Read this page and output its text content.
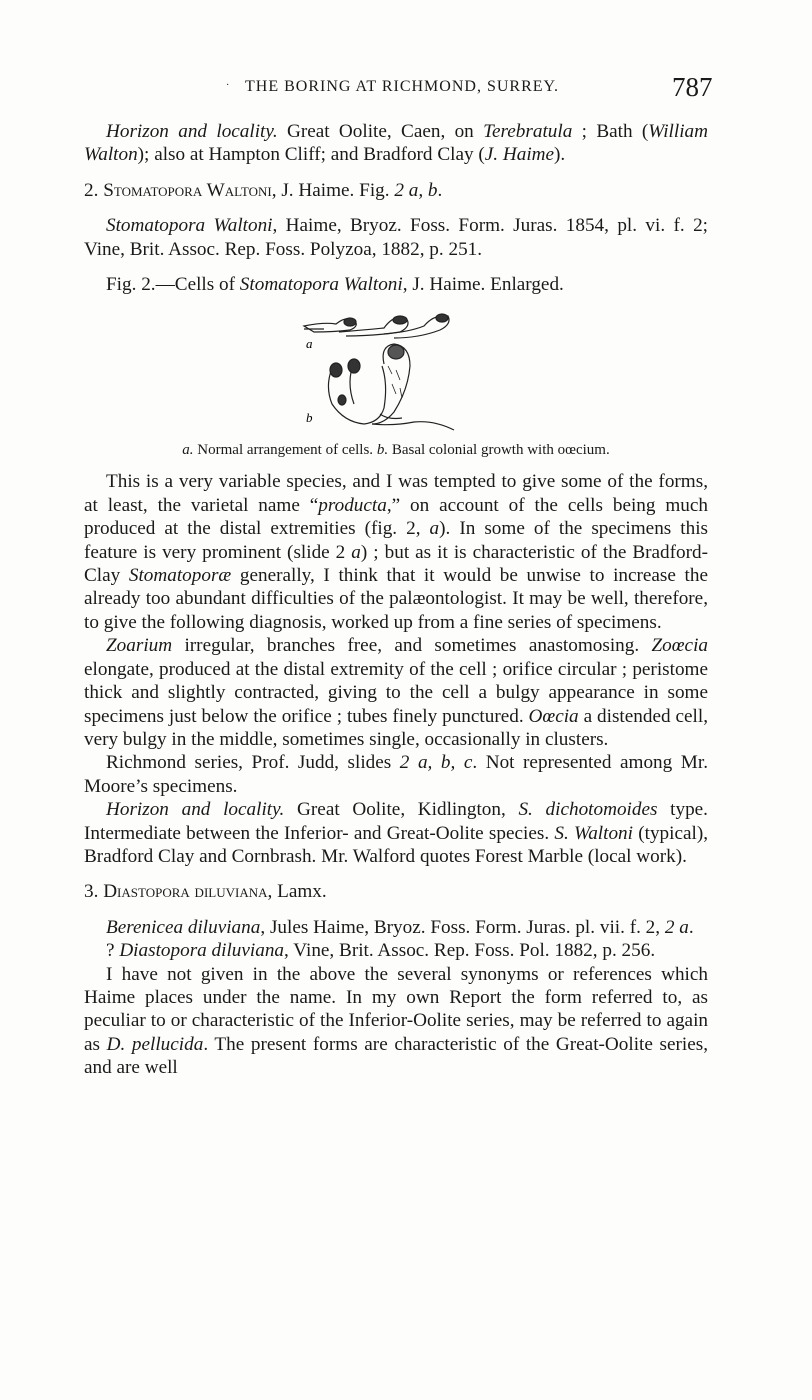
· THE BORING AT RICHMOND, SURREY.	787

Horizon and locality. Great Oolite, Caen, on Terebratula ; Bath (William Walton); also at Hampton Cliff; and Bradford Clay (J. Haime).

2. Stomatopora Waltoni, J. Haime. Fig. 2 a, b.

Stomatopora Waltoni, Haime, Bryoz. Foss. Form. Juras. 1854, pl. vi. f. 2; Vine, Brit. Assoc. Rep. Foss. Polyzoa, 1882, p. 251.

Fig. 2.—Cells of Stomatopora Waltoni, J. Haime. Enlarged.

a
b

a. Normal arrangement of cells. b. Basal colonial growth with oœcium.

This is a very variable species, and I was tempted to give some of the forms, at least, the varietal name “producta,” on account of the cells being much produced at the distal extremities (fig. 2, a). In some of the specimens this feature is very prominent (slide 2 a) ; but as it is characteristic of the Bradford-Clay Stomatoporæ generally, I think that it would be unwise to increase the already too abundant difficulties of the palæontologist. It may be well, therefore, to give the following diagnosis, worked up from a fine series of specimens.

Zoarium irregular, branches free, and sometimes anastomosing. Zoœcia elongate, produced at the distal extremity of the cell ; orifice circular ; peristome thick and slightly contracted, giving to the cell a bulgy appearance in some specimens just below the orifice ; tubes finely punctured. Oœcia a distended cell, very bulgy in the middle, sometimes single, occasionally in clusters.

Richmond series, Prof. Judd, slides 2 a, b, c. Not represented among Mr. Moore’s specimens.

Horizon and locality. Great Oolite, Kidlington, S. dichotomoides type. Intermediate between the Inferior- and Great-Oolite species. S. Waltoni (typical), Bradford Clay and Cornbrash. Mr. Walford quotes Forest Marble (local work).

3. Diastopora diluviana, Lamx.

Berenicea diluviana, Jules Haime, Bryoz. Foss. Form. Juras. pl. vii. f. 2, 2 a.

? Diastopora diluviana, Vine, Brit. Assoc. Rep. Foss. Pol. 1882, p. 256.

I have not given in the above the several synonyms or references which Haime places under the name. In my own Report the form referred to, as peculiar to or characteristic of the Inferior-Oolite series, may be referred to again as D. pellucida. The present forms are characteristic of the Great-Oolite series, and are well
